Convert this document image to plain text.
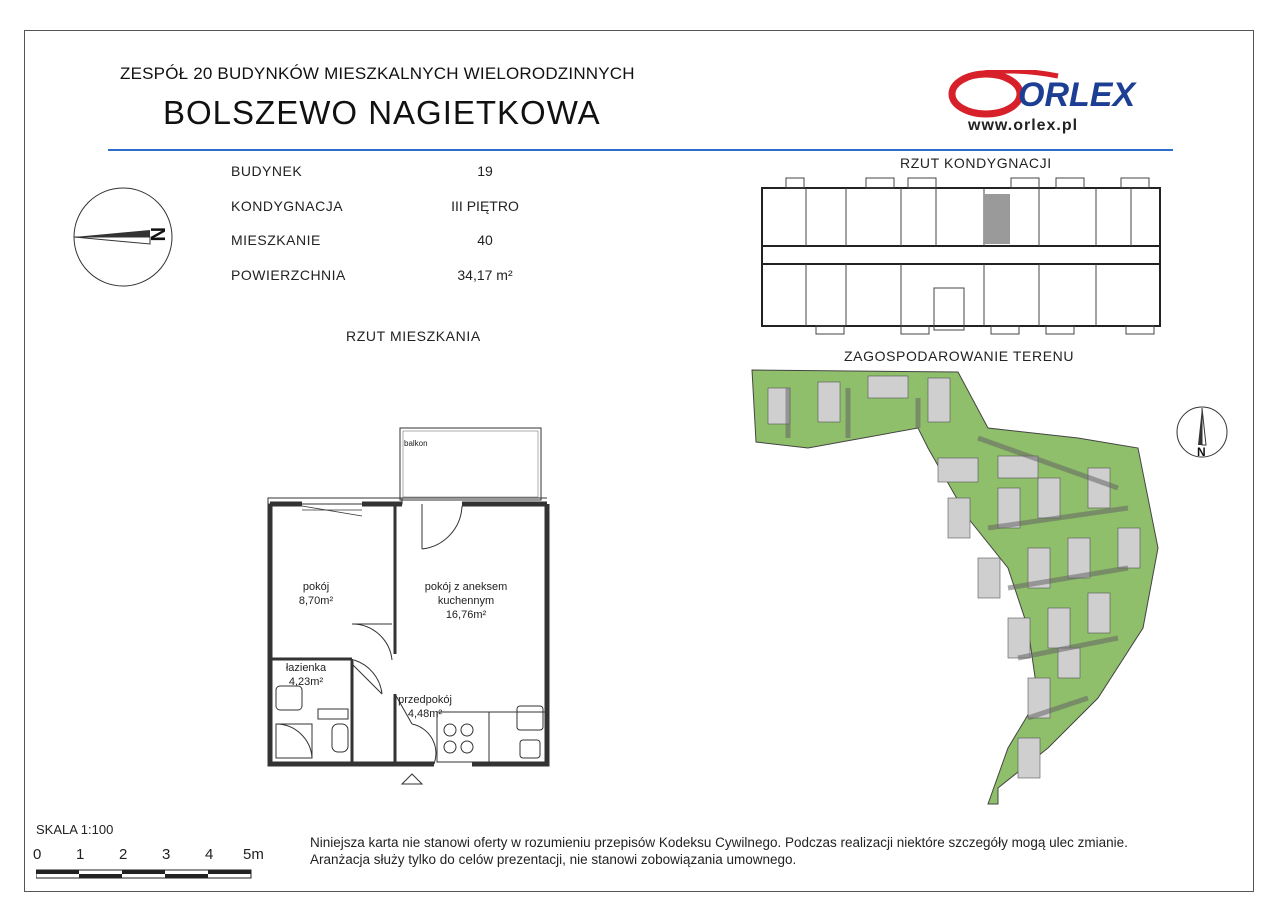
ZESPÓŁ 20 BUDYNKÓW MIESZKALNYCH WIELORODZINNYCH
BOLSZEWO NAGIETKOWA	ORLEX
www.orlex.pl
BUDYNEK	19
KONDYGNACJA	III PIĘTRO
MIESZKANIE	40
POWIERZCHNIA	34,17 m²
N
RZUT MIESZKANIA
RZUT KONDYGNACJI
ZAGOSPODAROWANIE TERENU
N
balkon
pokój
8,70m²
pokój z aneksem
kuchennym
16,76m²
łazienka
4,23m²
przedpokój
4,48m²
SKALA 1:100
0 1 2 3 4 5m
Niniejsza karta nie stanowi oferty w rozumieniu przepisów Kodeksu Cywilnego. Podczas realizacji niektóre szczegóły mogą ulec zmianie.
Aranżacja służy tylko do celów prezentacji, nie stanowi zobowiązania umownego.
